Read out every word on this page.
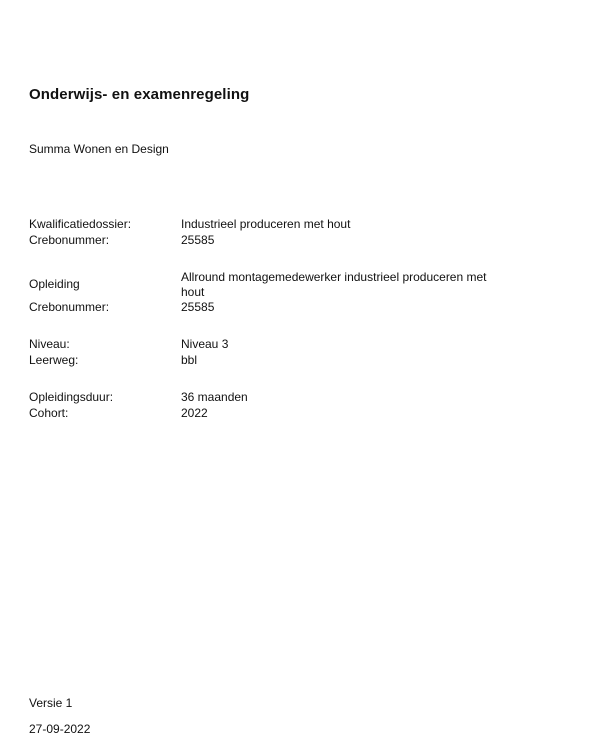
Onderwijs- en examenregeling
Summa Wonen en Design
Kwalificatiedossier:	Industrieel produceren met hout
Crebonummer:	25585
Opleiding	Allround montagemedewerker industrieel produceren met hout
Crebonummer:	25585
Niveau:	Niveau 3
Leerweg:	bbl
Opleidingsduur:	36 maanden
Cohort:	2022
Versie 1
27-09-2022
